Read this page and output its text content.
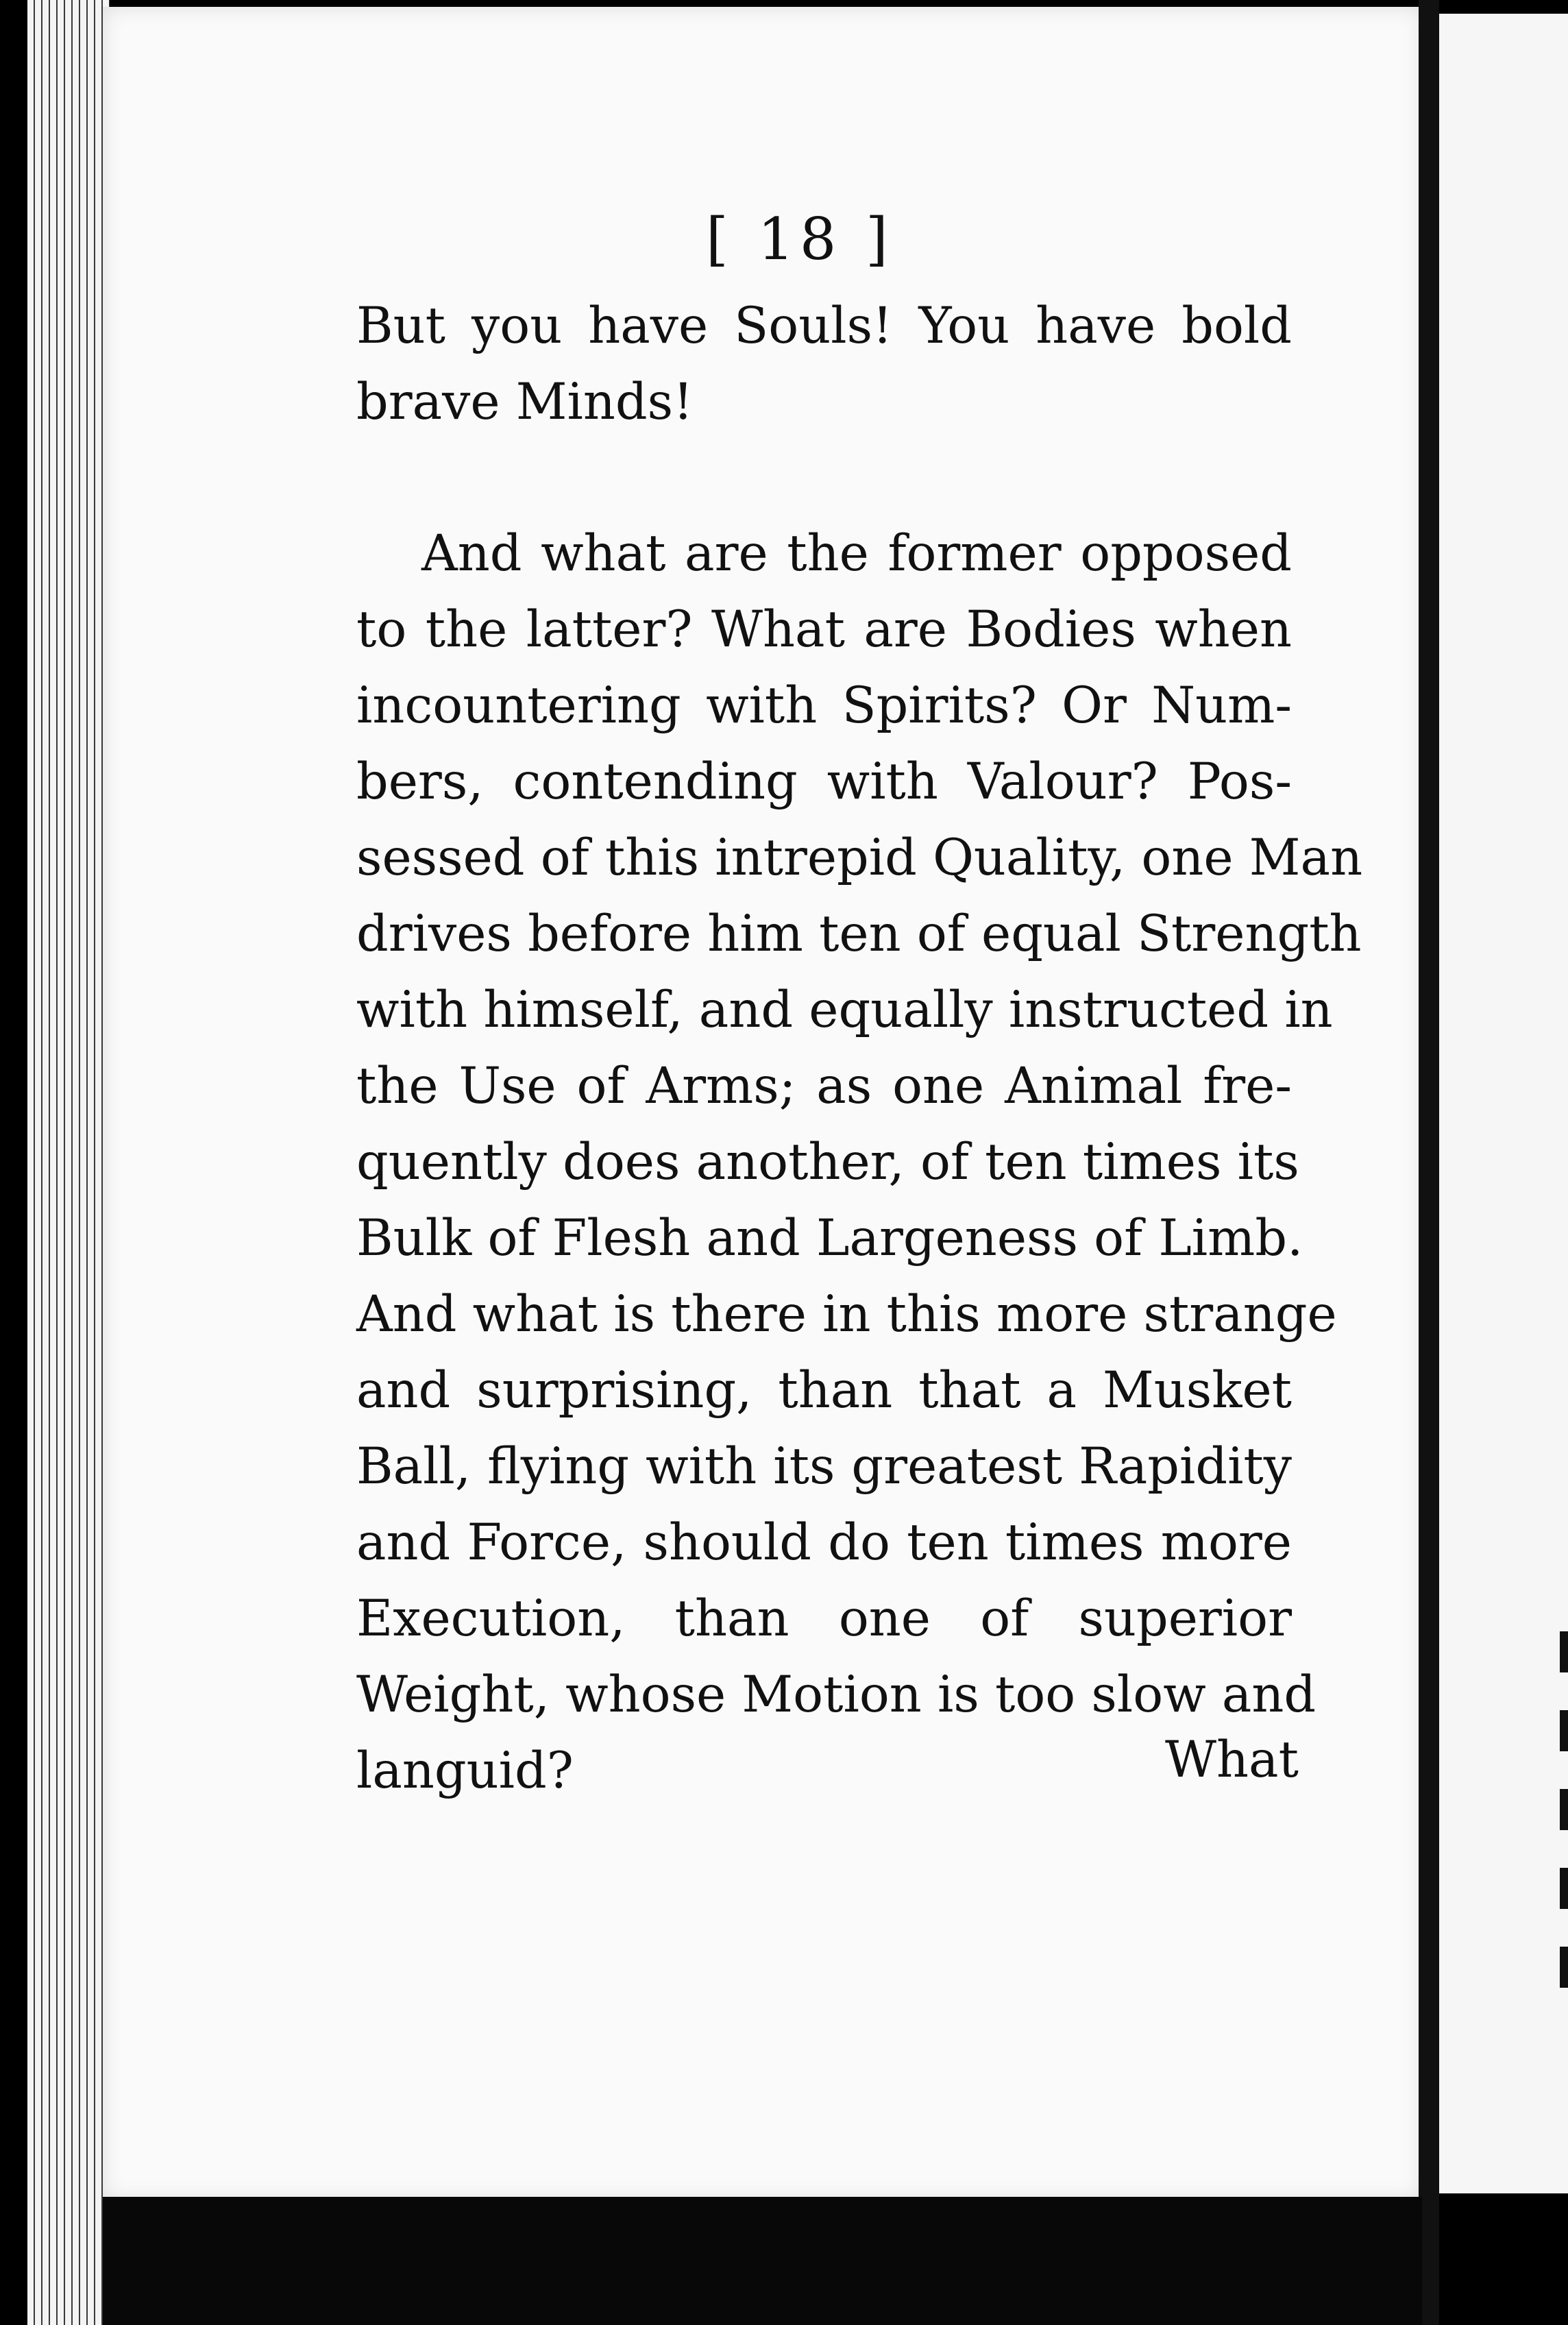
[ 18 ]

But you have Souls! You have bold
brave Minds!

And what are the former opposed
to the latter? What are Bodies when
incountering with Spirits? Or Num-
bers, contending with Valour? Pos-
sessed of this intrepid Quality, one Man
drives before him ten of equal Strength
with himself, and equally instructed in
the Use of Arms; as one Animal fre-
quently does another, of ten times its
Bulk of Flesh and Largeness of Limb.
And what is there in this more strange
and surprising, than that a Musket
Ball, flying with its greatest Rapidity
and Force, should do ten times more
Execution, than one of superior
Weight, whose Motion is too slow and
languid?	What
